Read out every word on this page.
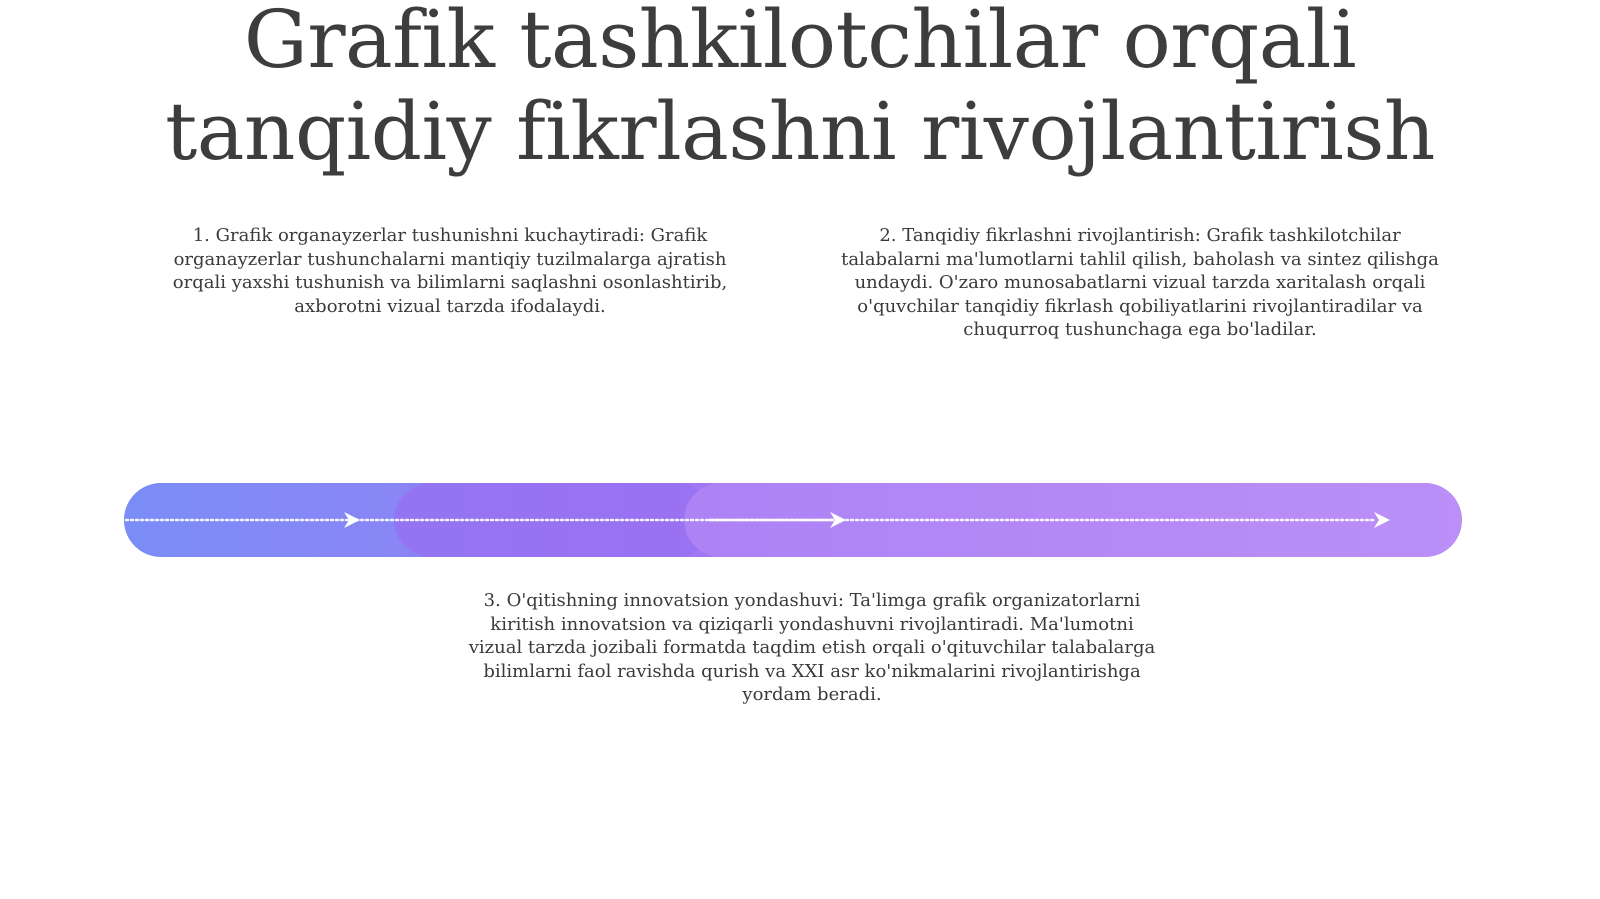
Grafik tashkilotchilar orqali
tanqidiy fikrlashni rivojlantirish

1. Grafik organayzerlar tushunishni kuchaytiradi: Grafik organayzerlar tushunchalarni mantiqiy tuzilmalarga ajratish orqali yaxshi tushunish va bilimlarni saqlashni osonlashtirib, axborotni vizual tarzda ifodalaydi.

2. Tanqidiy fikrlashni rivojlantirish: Grafik tashkilotchilar talabalarni ma'lumotlarni tahlil qilish, baholash va sintez qilishga undaydi. O'zaro munosabatlarni vizual tarzda xaritalash orqali o'quvchilar tanqidiy fikrlash qobiliyatlarini rivojlantiradilar va chuqurroq tushunchaga ega bo'ladilar.

3. O'qitishning innovatsion yondashuvi: Ta'limga grafik organizatorlarni kiritish innovatsion va qiziqarli yondashuvni rivojlantiradi. Ma'lumotni vizual tarzda jozibali formatda taqdim etish orqali o'qituvchilar talabalarga bilimlarni faol ravishda qurish va XXI asr ko'nikmalarini rivojlantirishga yordam beradi.
